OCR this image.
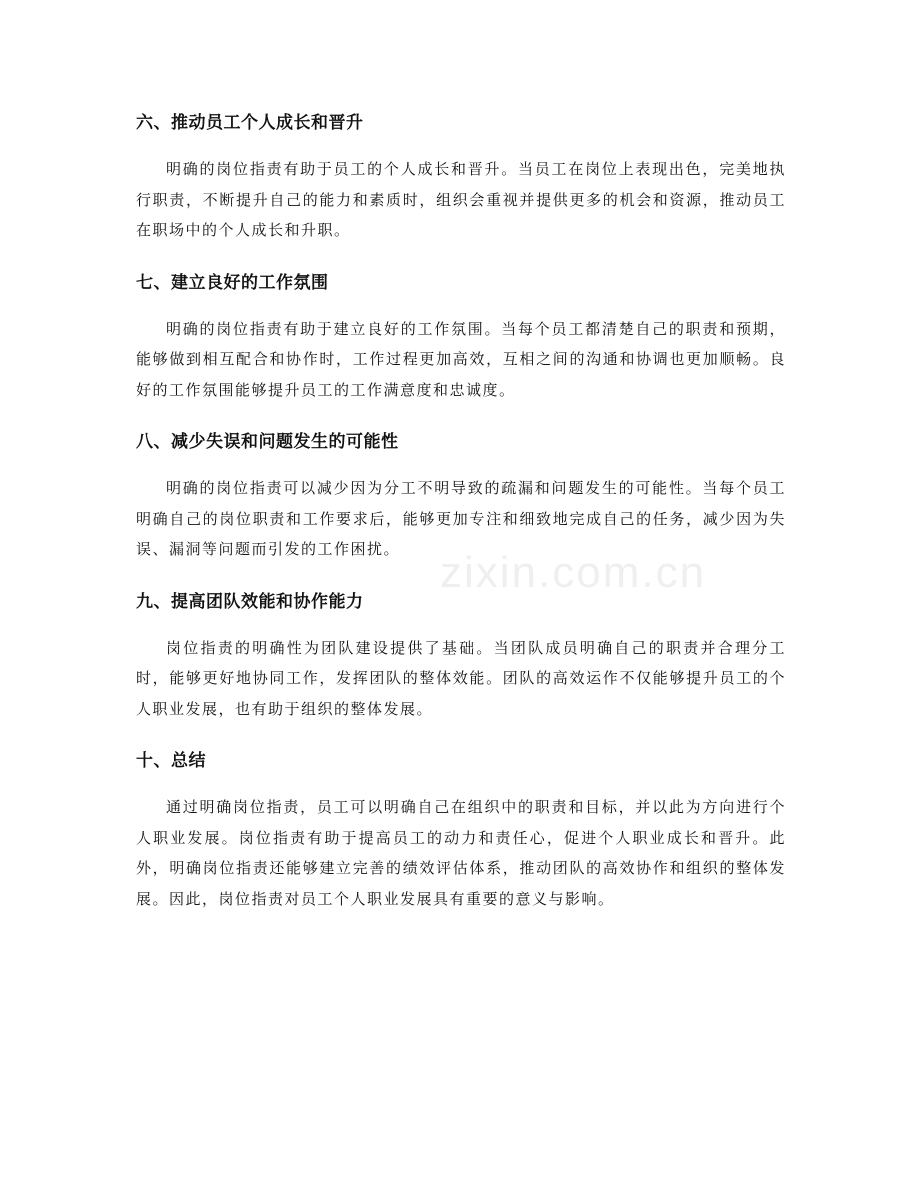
zixin.com.cn
六、推动员工个人成长和晋升

明确的岗位指责有助于员工的个人成长和晋升。当员工在岗位上表现出色，完美地执行职责，不断提升自己的能力和素质时，组织会重视并提供更多的机会和资源，推动员工在职场中的个人成长和升职。

七、建立良好的工作氛围

明确的岗位指责有助于建立良好的工作氛围。当每个员工都清楚自己的职责和预期，能够做到相互配合和协作时，工作过程更加高效，互相之间的沟通和协调也更加顺畅。良好的工作氛围能够提升员工的工作满意度和忠诚度。

八、减少失误和问题发生的可能性

明确的岗位指责可以减少因为分工不明导致的疏漏和问题发生的可能性。当每个员工明确自己的岗位职责和工作要求后，能够更加专注和细致地完成自己的任务，减少因为失误、漏洞等问题而引发的工作困扰。

九、提高团队效能和协作能力

岗位指责的明确性为团队建设提供了基础。当团队成员明确自己的职责并合理分工时，能够更好地协同工作，发挥团队的整体效能。团队的高效运作不仅能够提升员工的个人职业发展，也有助于组织的整体发展。

十、总结

通过明确岗位指责，员工可以明确自己在组织中的职责和目标，并以此为方向进行个人职业发展。岗位指责有助于提高员工的动力和责任心，促进个人职业成长和晋升。此外，明确岗位指责还能够建立完善的绩效评估体系，推动团队的高效协作和组织的整体发展。因此，岗位指责对员工个人职业发展具有重要的意义与影响。
